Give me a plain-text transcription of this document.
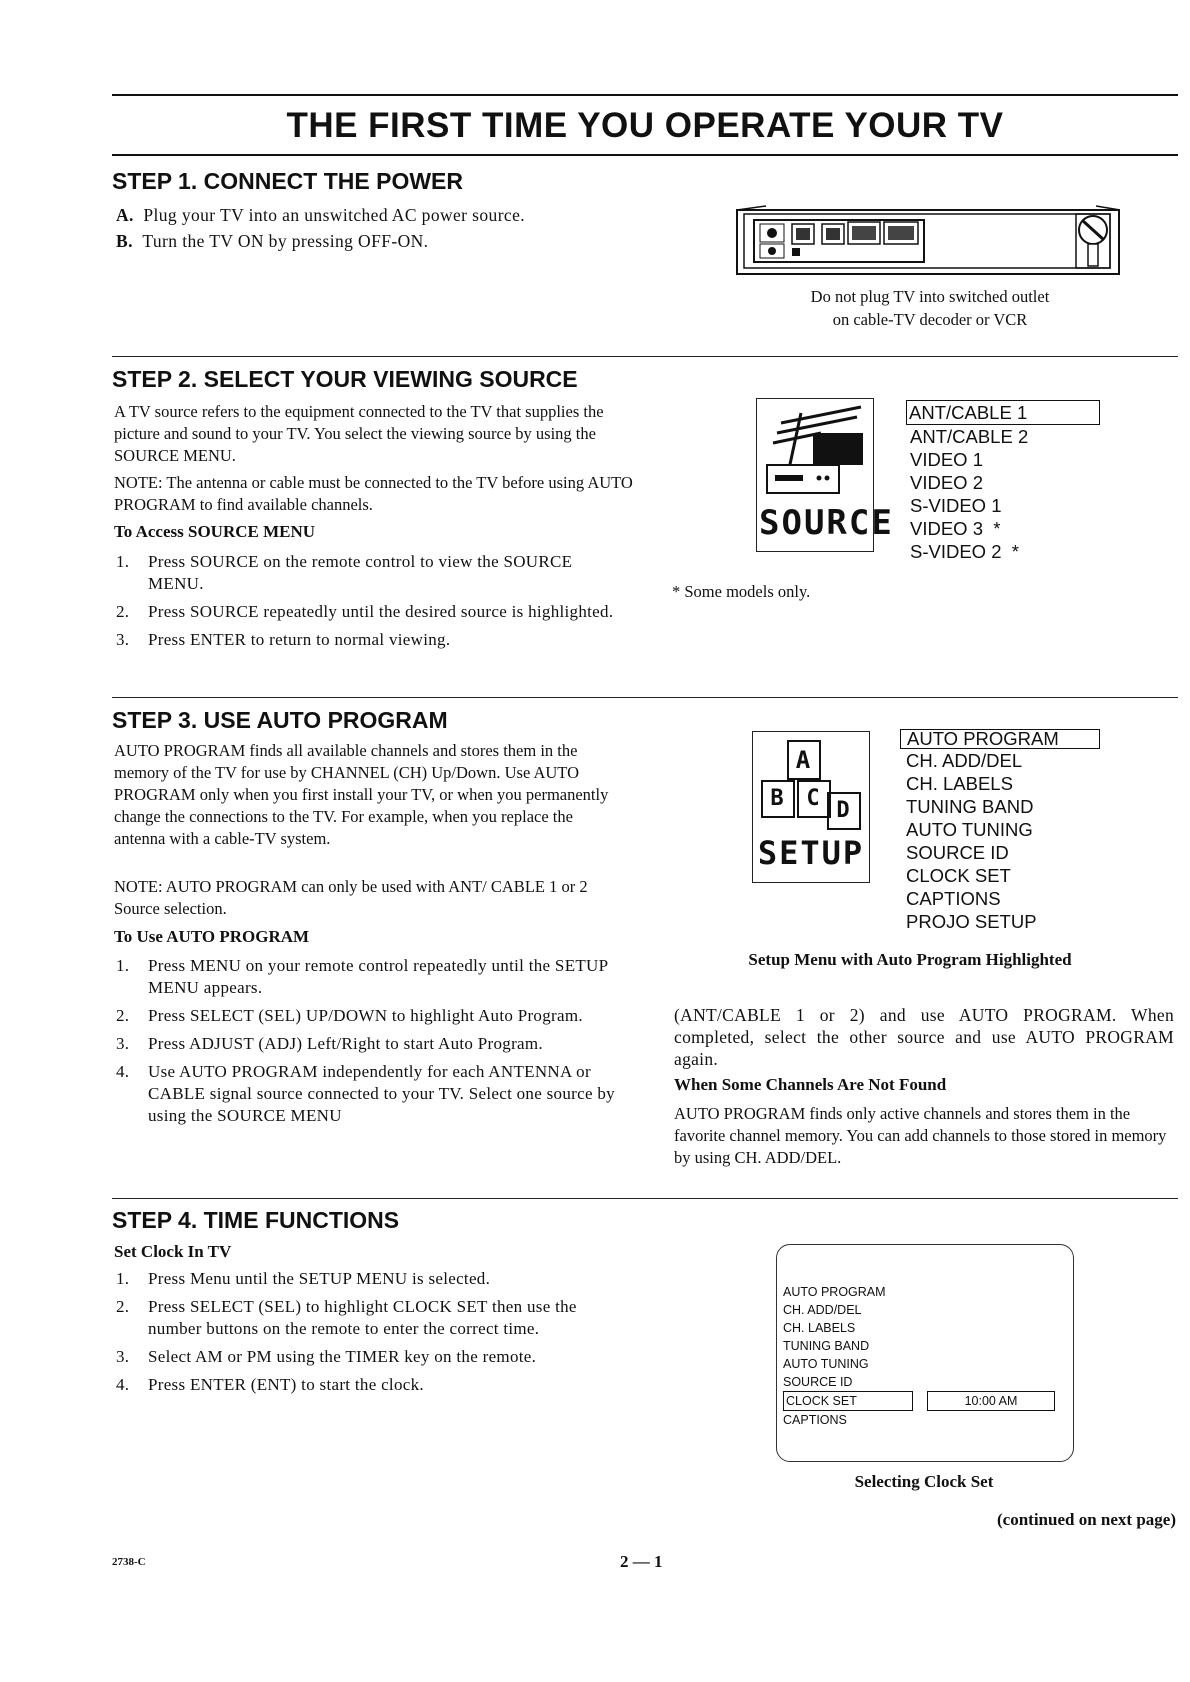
THE FIRST TIME YOU OPERATE YOUR TV
STEP 1. CONNECT THE POWER
A. Plug your TV into an unswitched AC power source.
B. Turn the TV ON by pressing OFF-ON.
Do not plug TV into switched outlet
on cable-TV decoder or VCR
STEP 2. SELECT YOUR VIEWING SOURCE
A TV source refers to the equipment connected to the TV that supplies the picture and sound to your TV. You select the viewing source by using the SOURCE MENU.
NOTE: The antenna or cable must be connected to the TV before using AUTO PROGRAM to find available channels.
To Access SOURCE MENU
1. Press SOURCE on the remote control to view the SOURCE MENU.
2. Press SOURCE repeatedly until the desired source is highlighted.
3. Press ENTER to return to normal viewing.
SOURCE
ANT/CABLE 1
ANT/CABLE 2
VIDEO 1
VIDEO 2
S-VIDEO 1
VIDEO 3  *
S-VIDEO 2  *
* Some models only.
STEP 3. USE AUTO PROGRAM
AUTO PROGRAM finds all available channels and stores them in the memory of the TV for use by CHANNEL (CH) Up/Down. Use AUTO PROGRAM only when you first install your TV, or when you permanently change the connections to the TV. For example, when you replace the antenna with a cable-TV system.
NOTE: AUTO PROGRAM can only be used with ANT/ CABLE 1 or 2 Source selection.
To Use AUTO PROGRAM
1. Press MENU on your remote control repeatedly until the SETUP MENU appears.
2. Press SELECT (SEL) UP/DOWN to highlight Auto Program.
3. Press ADJUST (ADJ) Left/Right to start Auto Program.
4. Use AUTO PROGRAM independently for each ANTENNA or CABLE signal source connected to your TV. Select one source by using the SOURCE MENU
A
B C D
SETUP
AUTO PROGRAM
CH. ADD/DEL
CH. LABELS
TUNING BAND
AUTO TUNING
SOURCE ID
CLOCK SET
CAPTIONS
PROJO SETUP
Setup Menu with Auto Program Highlighted
(ANT/CABLE 1 or 2) and use AUTO PROGRAM. When completed, select the other source and use AUTO PROGRAM again.
When Some Channels Are Not Found
AUTO PROGRAM finds only active channels and stores them in the favorite channel memory. You can add channels to those stored in memory by using CH. ADD/DEL.
STEP 4. TIME FUNCTIONS
Set Clock In TV
1. Press Menu until the SETUP MENU is selected.
2. Press SELECT (SEL) to highlight CLOCK SET then use the number buttons on the remote to enter the correct time.
3. Select AM or PM using the TIMER key on the remote.
4. Press ENTER (ENT) to start the clock.
AUTO PROGRAM
CH. ADD/DEL
CH. LABELS
TUNING BAND
AUTO TUNING
SOURCE ID
CLOCK SET
CAPTIONS
10:00 AM
Selecting Clock Set
(continued on next page)
2738-C	2 — 1
